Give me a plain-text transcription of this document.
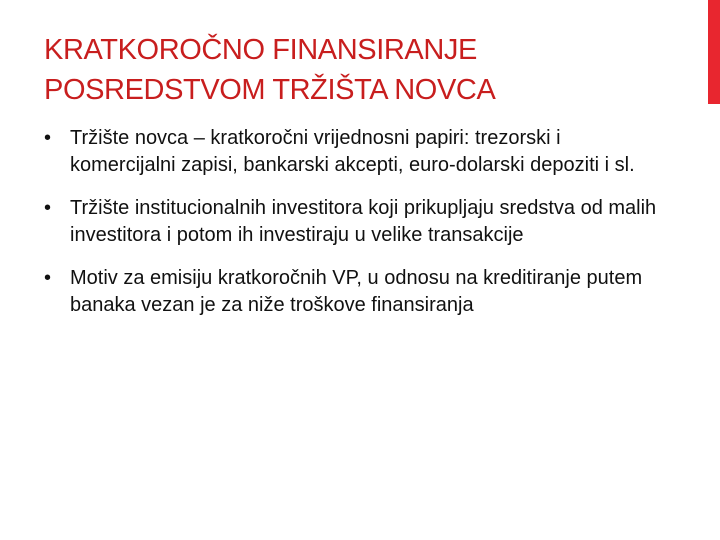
KRATKOROČNO FINANSIRANJE
POSREDSTVOM TRŽIŠTA NOVCA
• Tržište novca – kratkoročni vrijednosni papiri: trezorski i komercijalni zapisi, bankarski akcepti, euro-dolarski depoziti i sl.
• Tržište institucionalnih investitora koji prikupljaju sredstva od malih investitora i potom ih investiraju u velike transakcije
• Motiv za emisiju kratkoročnih VP, u odnosu na kreditiranje putem banaka vezan je za niže troškove finansiranja
